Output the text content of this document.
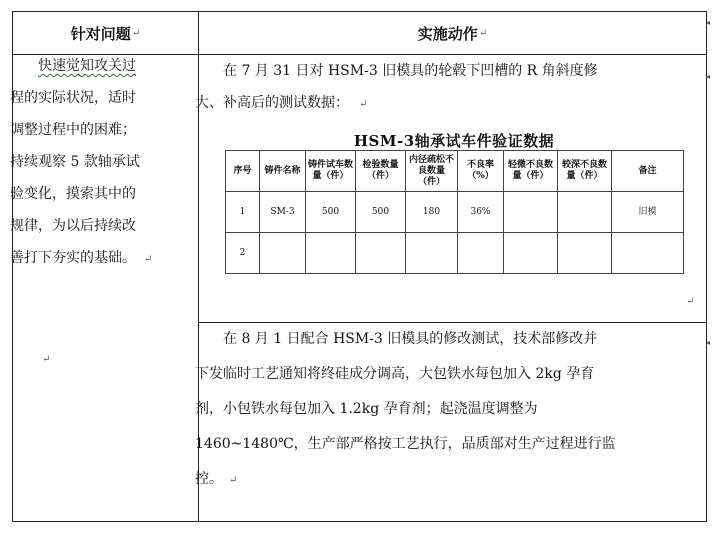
针对问题 ↵	实施动作 ↵
快速觉知攻关过
程的实际状况，适时
调整过程中的困难；
持续观察 5 款轴承试
验变化，摸索其中的
规律，为以后持续改
善打下夯实的基础。 ↵
↵
在 7 月 31 日对 HSM-3 旧模具的轮毂下凹槽的 R 角斜度修
大、补高后的测试数据： ↵
HSM-3轴承试车件验证数据
序号	铸件名称	铸件试车数量（件）	检验数量（件）	内径疏松不良数量（件）	不良率（%）	轻微不良数量（件）	较深不良数量（件）	备注
1	SM-3	500	500	180	36%			旧模
2								
↵
在 8 月 1 日配合 HSM-3 旧模具的修改测试，技术部修改并
下发临时工艺通知将终硅成分调高，大包铁水每包加入 2kg 孕育
剂，小包铁水每包加入 1.2kg 孕育剂；起浇温度调整为
1460~1480℃，生产部严格按工艺执行，品质部对生产过程进行监
控。 ↵
◂
◂
◂
